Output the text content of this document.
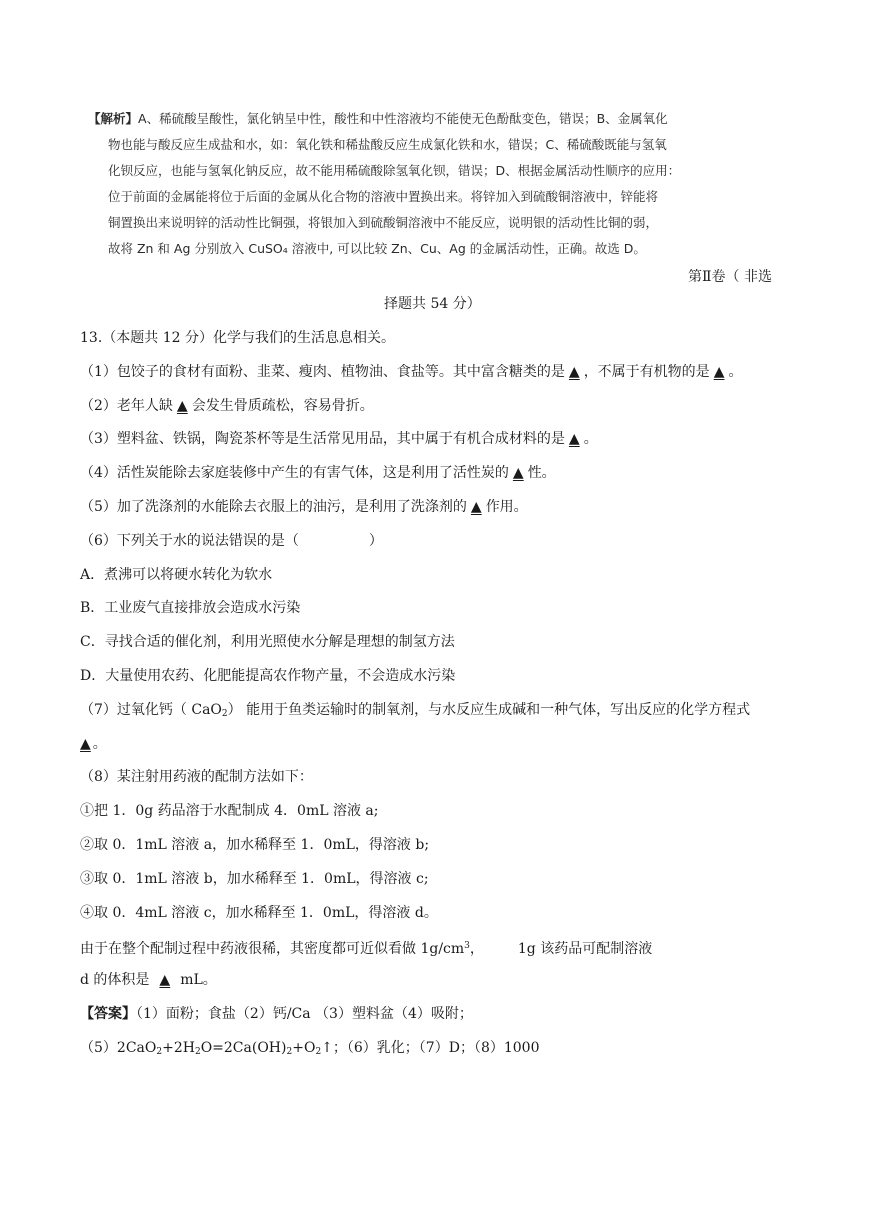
【解析】A、稀硫酸呈酸性，氯化钠呈中性，酸性和中性溶液均不能使无色酚酞变色，错误；B、金属氧化
物也能与酸反应生成盐和水，如：氧化铁和稀盐酸反应生成氯化铁和水，错误；C、稀硫酸既能与氢氧
化钡反应，也能与氢氧化钠反应，故不能用稀硫酸除氢氧化钡，错误；D、根据金属活动性顺序的应用：
位于前面的金属能将位于后面的金属从化合物的溶液中置换出来。将锌加入到硫酸铜溶液中，锌能将
铜置换出来说明锌的活动性比铜强，将银加入到硫酸铜溶液中不能反应，说明银的活动性比铜的弱，
故将 Zn 和 Ag 分别放入 CuSO₄ 溶液中, 可以比较 Zn、Cu、Ag 的金属活动性，正确。故选 D。
第Ⅱ卷（ 非选
择题共 54 分）
13.（本题共 12 分）化学与我们的生活息息相关。
（1）包饺子的食材有面粉、韭菜、瘦肉、植物油、食盐等。其中富含糖类的是 ▲ ，不属于有机物的是 ▲ 。
（2）老年人缺 ▲ 会发生骨质疏松，容易骨折。
（3）塑料盆、铁锅，陶瓷茶杯等是生活常见用品，其中属于有机合成材料的是 ▲ 。
（4）活性炭能除去家庭装修中产生的有害气体，这是利用了活性炭的 ▲ 性。
（5）加了洗涤剂的水能除去衣服上的油污，是利用了洗涤剂的 ▲ 作用。
（6）下列关于水的说法错误的是（	）
A．煮沸可以将硬水转化为软水
B．工业废气直接排放会造成水污染
C．寻找合适的催化剂，利用光照使水分解是理想的制氢方法
D．大量使用农药、化肥能提高农作物产量，不会造成水污染
（7）过氧化钙（ CaO$_2$） 能用于鱼类运输时的制氧剂，与水反应生成碱和一种气体，写出反应的化学方程式
▲ 。
（8）某注射用药液的配制方法如下：
①把 1．0g 药品溶于水配制成 4．0mL 溶液 a;
②取 0．1mL 溶液 a，加水稀释至 1．0mL，得溶液 b;
③取 0．1mL 溶液 b，加水稀释至 1．0mL，得溶液 c;
④取 0．4mL 溶液 c，加水稀释至 1．0mL，得溶液 d。
由于在整个配制过程中药液很稀，其密度都可近似看做 $1g/cm^3$， 1g 该药品可配制溶液
d 的体积是 ▲ mL。
【答案】（1）面粉；食盐（2）钙/Ca （3）塑料盆（4）吸附；
$(5)2CaO_2+2H_2O=2Ca(OH)_2+O_2↑$；（6）乳化；（7）D；（8）1000
